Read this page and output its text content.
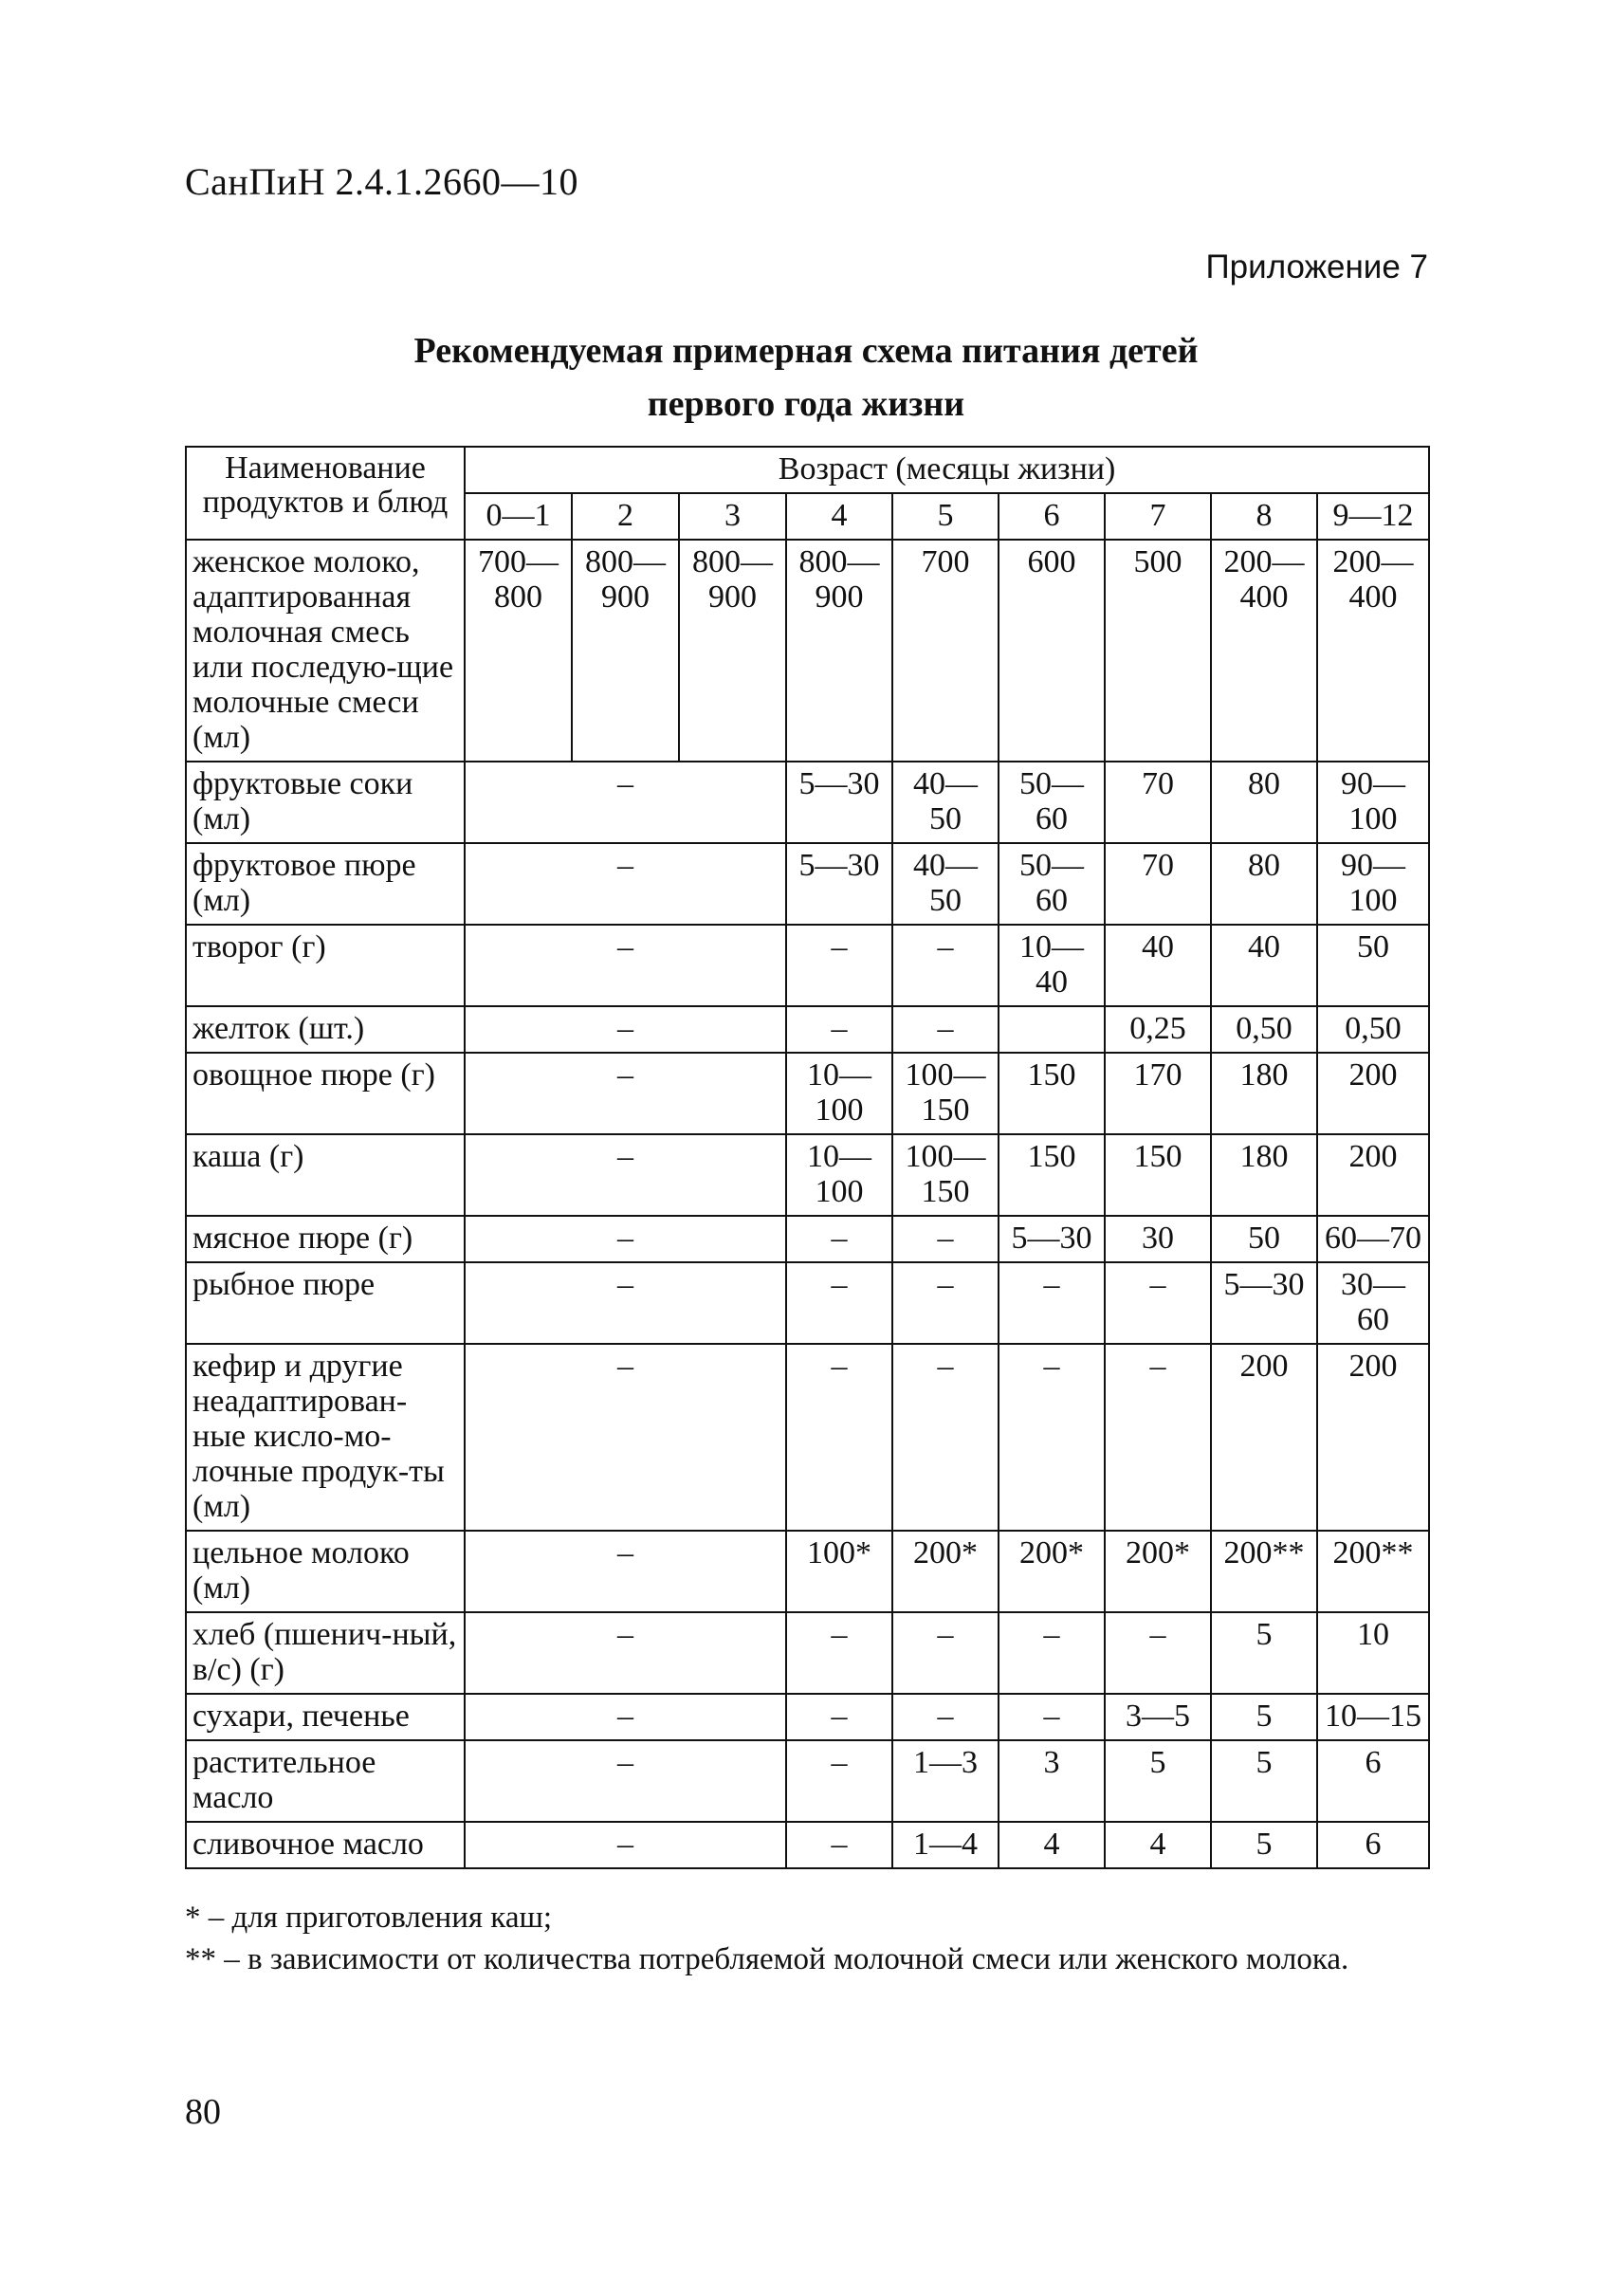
СанПиН 2.4.1.2660—10
Приложение 7
Рекомендуемая примерная схема питания детей
первого года жизни
Наименование продуктов и блюд	Возраст (месяцы жизни)								
	0—1	2	3	4	5	6	7	8	9—12
женское молоко, адаптированная молочная смесь или последую-щие молочные смеси (мл)	700— 800	800— 900	800— 900	800— 900	700	600	500	200— 400	200— 400
фруктовые соки (мл)	–			5—30	40— 50	50— 60	70	80	90— 100
фруктовое пюре (мл)	–			5—30	40— 50	50— 60	70	80	90— 100
творог (г)	–			–	–	10—40	40	40	50
желток (шт.)	–			–	–		0,25	0,50	0,50
овощное пюре (г)	–			10— 100	100— 150	150	170	180	200
каша (г)	–			10— 100	100— 150	150	150	180	200
мясное пюре (г)	–			–	–	5—30	30	50	60—70
рыбное пюре	–			–	–	–	–	5—30	30— 60
кефир и другие неадаптирован-ные кисло-мо-лочные продук-ты (мл)	–			–	–	–	–	200	200
цельное молоко (мл)	–			100*	200*	200*	200*	200**	200**
хлеб (пшенич-ный, в/с) (г)	–			–	–	–	–	5	10
сухари, печенье	–			–	–	–	3—5	5	10—15
растительное масло	–			–	1—3	3	5	5	6
сливочное масло	–			–	1—4	4	4	5	6
* – для приготовления каш;
** – в зависимости от количества потребляемой молочной смеси или женского молока.
80
